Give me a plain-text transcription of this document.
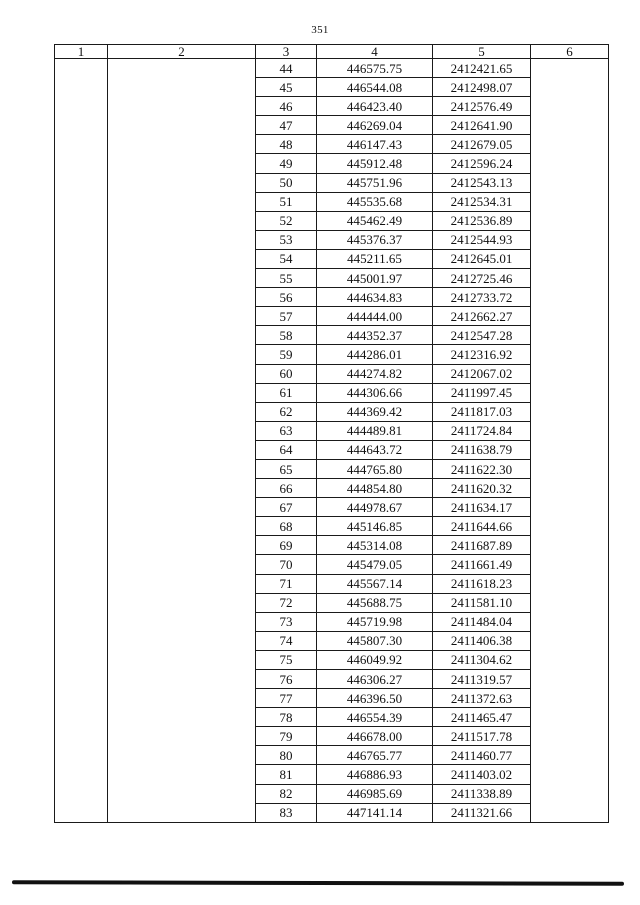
351
1	2	3	4	5	6
		44	446575.75	2412421.65	
		45	446544.08	2412498.07	
		46	446423.40	2412576.49	
		47	446269.04	2412641.90	
		48	446147.43	2412679.05	
		49	445912.48	2412596.24	
		50	445751.96	2412543.13	
		51	445535.68	2412534.31	
		52	445462.49	2412536.89	
		53	445376.37	2412544.93	
		54	445211.65	2412645.01	
		55	445001.97	2412725.46	
		56	444634.83	2412733.72	
		57	444444.00	2412662.27	
		58	444352.37	2412547.28	
		59	444286.01	2412316.92	
		60	444274.82	2412067.02	
		61	444306.66	2411997.45	
		62	444369.42	2411817.03	
		63	444489.81	2411724.84	
		64	444643.72	2411638.79	
		65	444765.80	2411622.30	
		66	444854.80	2411620.32	
		67	444978.67	2411634.17	
		68	445146.85	2411644.66	
		69	445314.08	2411687.89	
		70	445479.05	2411661.49	
		71	445567.14	2411618.23	
		72	445688.75	2411581.10	
		73	445719.98	2411484.04	
		74	445807.30	2411406.38	
		75	446049.92	2411304.62	
		76	446306.27	2411319.57	
		77	446396.50	2411372.63	
		78	446554.39	2411465.47	
		79	446678.00	2411517.78	
		80	446765.77	2411460.77	
		81	446886.93	2411403.02	
		82	446985.69	2411338.89	
		83	447141.14	2411321.66	
